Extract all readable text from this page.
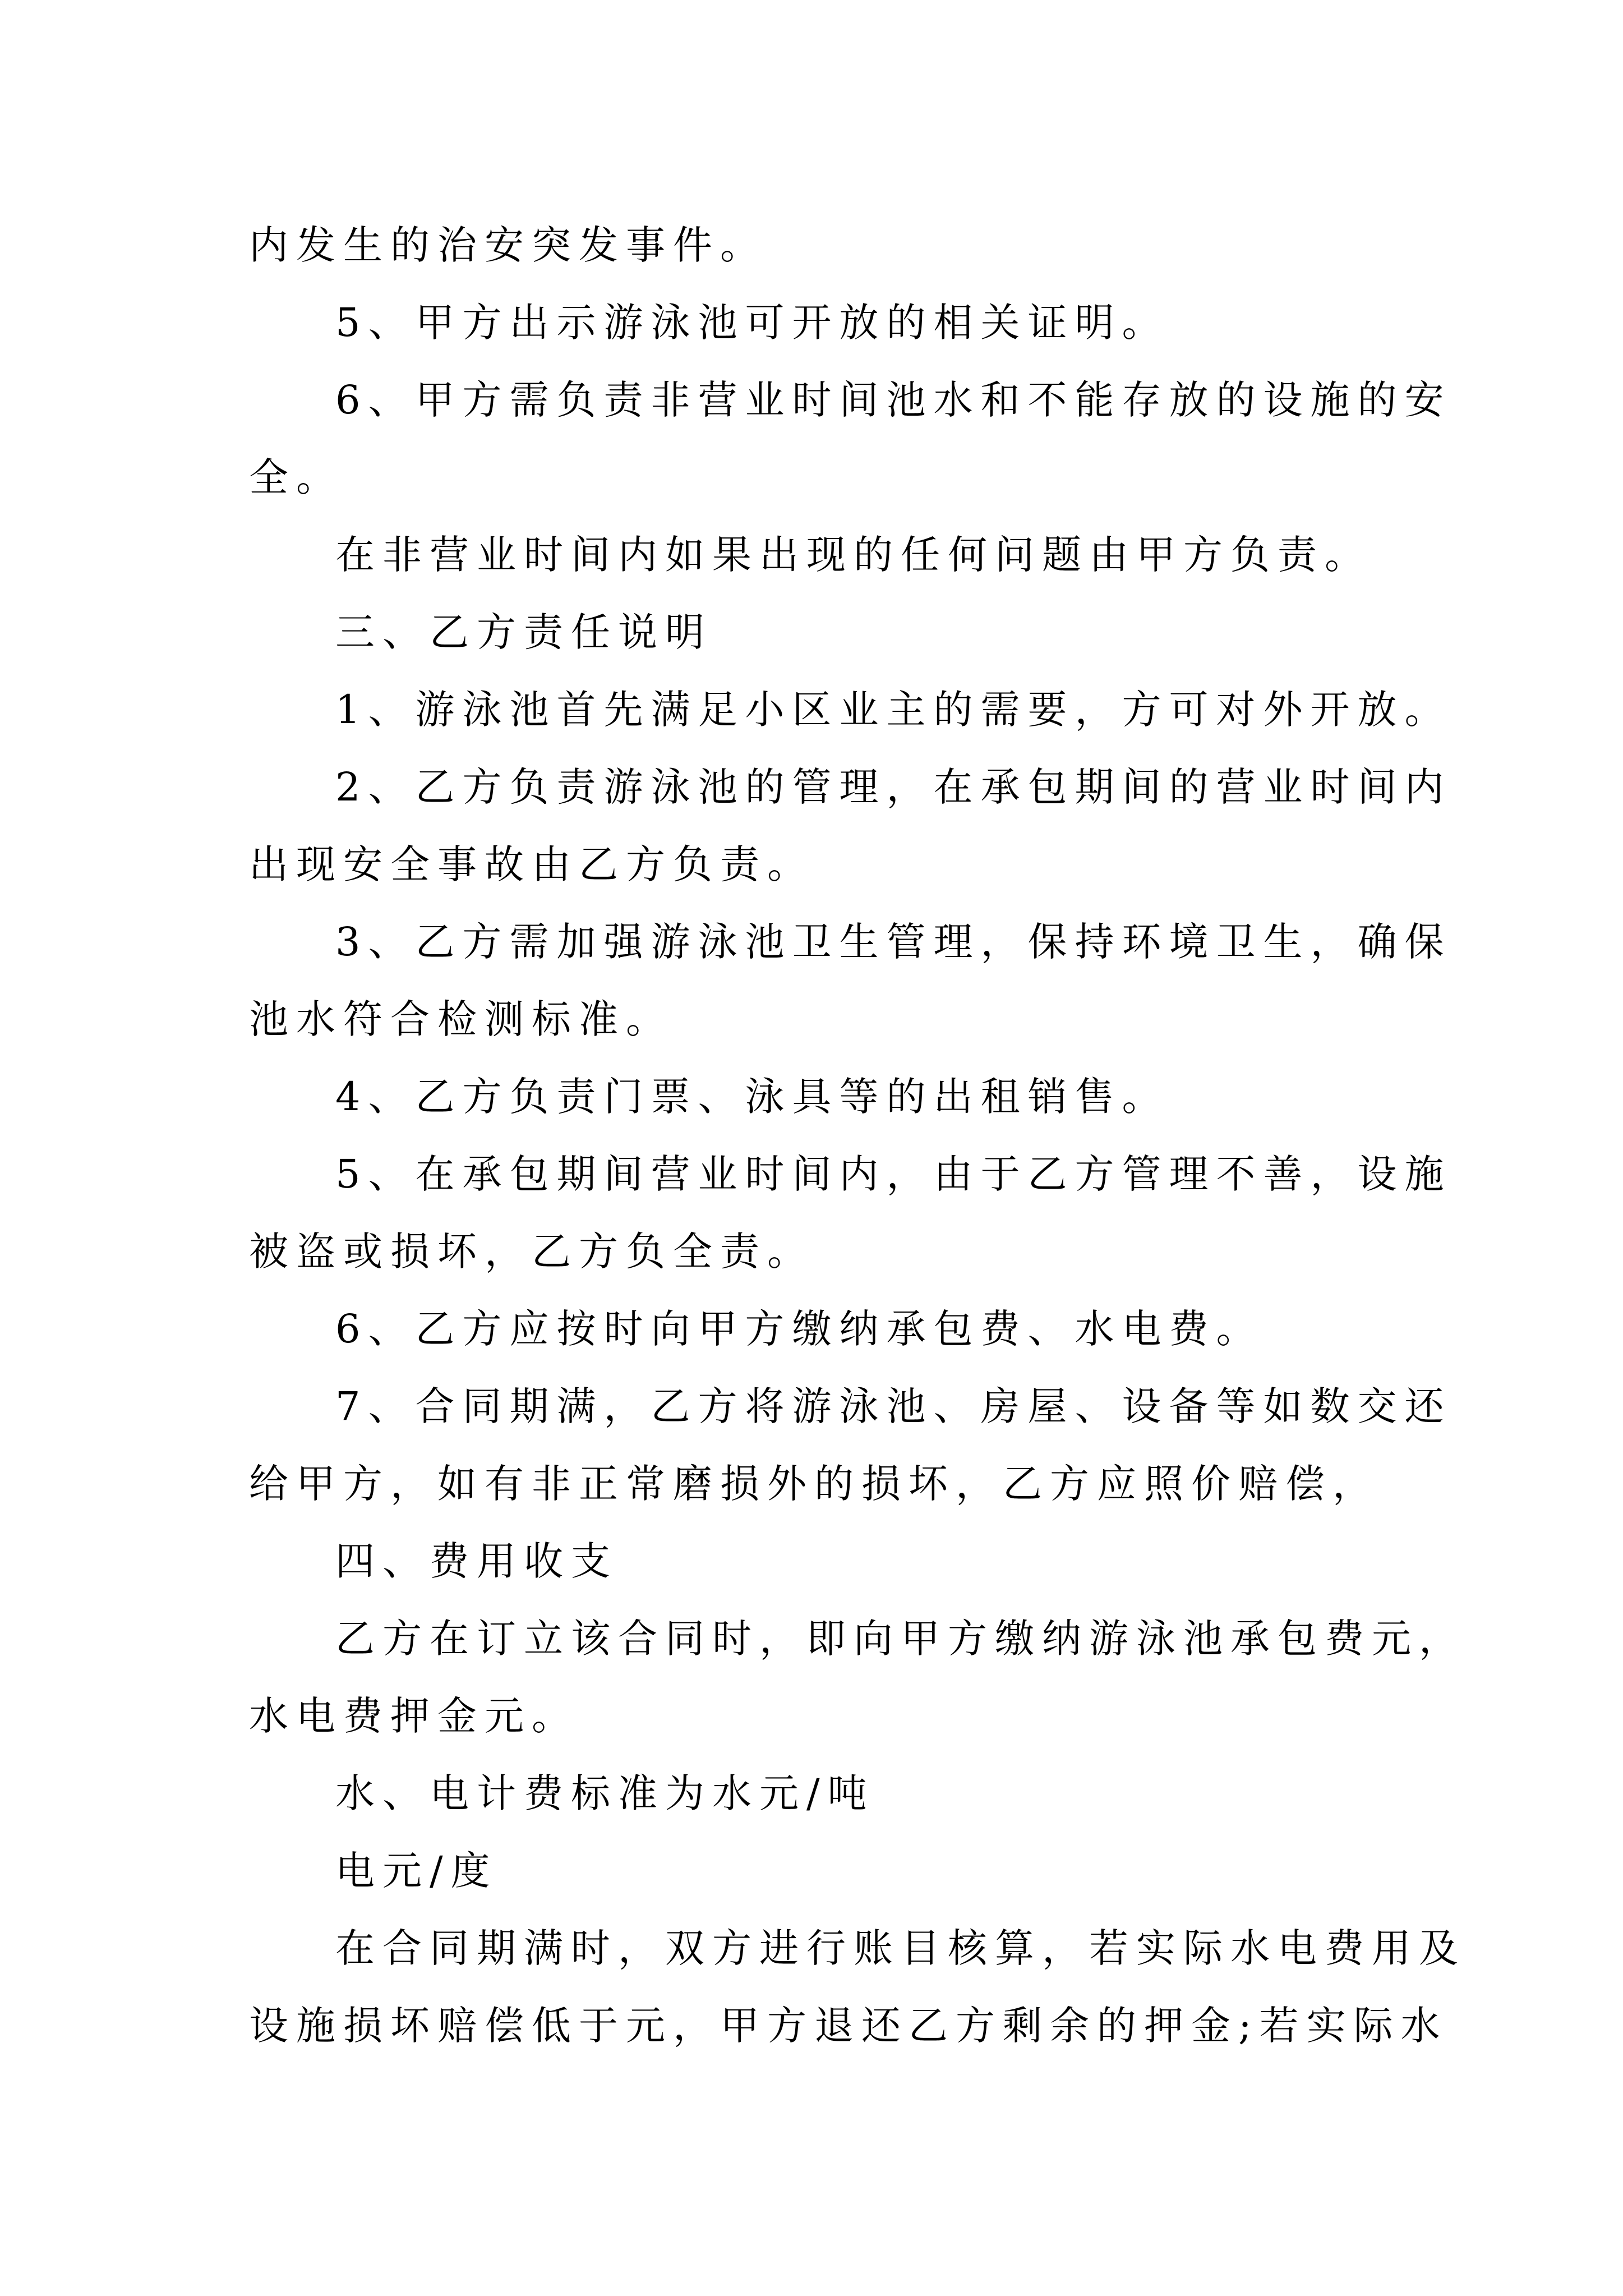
内发生的治安突发事件。
5、甲方出示游泳池可开放的相关证明。
6、甲方需负责非营业时间池水和不能存放的设施的安
全。
在非营业时间内如果出现的任何问题由甲方负责。
三、乙方责任说明
1、游泳池首先满足小区业主的需要，方可对外开放。
2、乙方负责游泳池的管理，在承包期间的营业时间内
出现安全事故由乙方负责。
3、乙方需加强游泳池卫生管理，保持环境卫生，确保
池水符合检测标准。
4、乙方负责门票、泳具等的出租销售。
5、在承包期间营业时间内，由于乙方管理不善，设施
被盗或损坏，乙方负全责。
6、乙方应按时向甲方缴纳承包费、水电费。
7、合同期满，乙方将游泳池、房屋、设备等如数交还
给甲方，如有非正常磨损外的损坏，乙方应照价赔偿，
四、费用收支
乙方在订立该合同时，即向甲方缴纳游泳池承包费元，
水电费押金元。
水、电计费标准为水元/吨
电元/度
在合同期满时，双方进行账目核算，若实际水电费用及
设施损坏赔偿低于元，甲方退还乙方剩余的押金;若实际水
